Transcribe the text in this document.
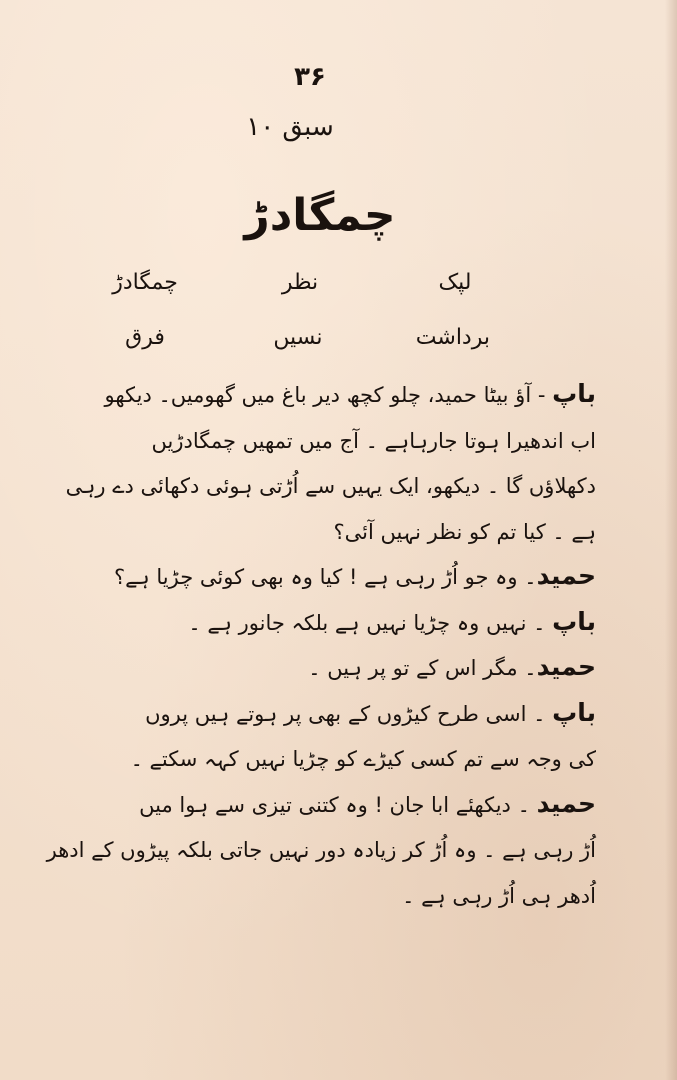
۳۶
سبق ۱۰
چمگادڑ
چمگادڑ	نظر	لپک
فرق	نسیں	برداشت
باپ - آؤ بیٹا حمید، چلو کچھ دیر باغ میں گھومیں۔ دیکھو
اب اندھیرا ہوتا جارہاہے ۔ آج میں تمھیں چمگادڑیں
دکھلاؤں گا ۔ دیکھو، ایک یہیں سے اُڑتی ہوئی دکھائی دے رہی
ہے ۔ کیا تم کو نظر نہیں آئی؟
حمید۔ وہ جو اُڑ رہی ہے ! کیا وہ بھی کوئی چڑیا ہے؟
باپ ۔ نہیں وہ چڑیا نہیں ہے بلکہ جانور ہے ۔
حمید۔ مگر اس کے تو پر ہیں ۔
باپ ۔ اسی طرح کیڑوں کے بھی پر ہوتے ہیں پروں
کی وجہ سے تم کسی کیڑے کو چڑیا نہیں کہہ سکتے ۔
حمید ۔ دیکھئے ابا جان ! وہ کتنی تیزی سے ہوا میں
اُڑ رہی ہے ۔ وہ اُڑ کر زیادہ دور نہیں جاتی بلکہ پیڑوں کے ادھر
اُدھر ہی اُڑ رہی ہے ۔
